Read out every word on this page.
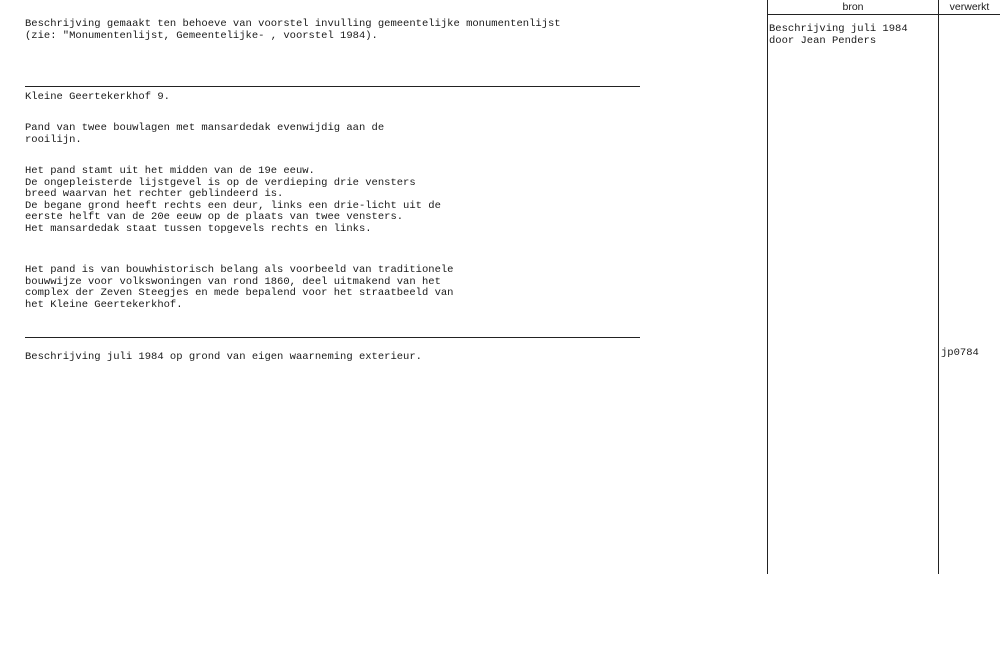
Beschrijving gemaakt ten behoeve van voorstel invulling gemeentelijke monumentenlijst
(zie: "Monumentenlijst, Gemeentelijke- , voorstel 1984).
Kleine Geertekerkhof 9.
Pand van twee bouwlagen met mansardedak evenwijdig aan de
rooilijn.
Het pand stamt uit het midden van de 19e eeuw.
De ongepleisterde lijstgevel is op de verdieping drie vensters
breed waarvan het rechter geblindeerd is.
De begane grond heeft rechts een deur, links een drie-licht uit de
eerste helft van de 20e eeuw op de plaats van twee vensters.
Het mansardedak staat tussen topgevels rechts en links.
Het pand is van bouwhistorisch belang als voorbeeld van traditionele
bouwwijze voor volkswoningen van rond 1860, deel uitmakend van het
complex der Zeven Steegjes en mede bepalend voor het straatbeeld van
het Kleine Geertekerkhof.
Beschrijving juli 1984 op grond van eigen waarneming exterieur.
bron	verwerkt
Beschrijving juli 1984
door Jean Penders
jp0784
